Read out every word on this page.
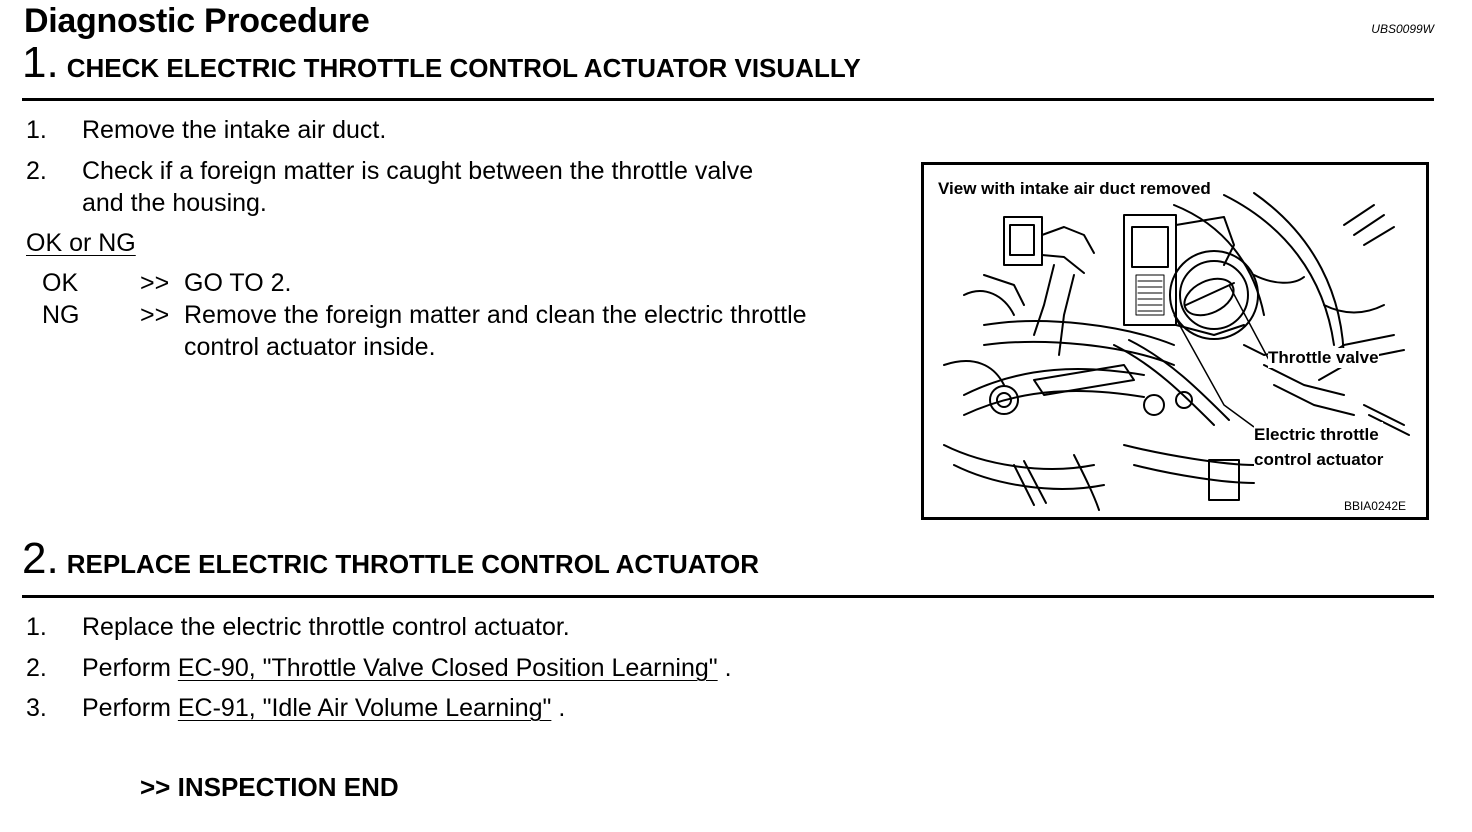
Diagnostic Procedure	UBS0099W
1. CHECK ELECTRIC THROTTLE CONTROL ACTUATOR VISUALLY
1. Remove the intake air duct.
2. Check if a foreign matter is caught between the throttle valve
and the housing.
OK or NG
OK >> GO TO 2.
NG >> Remove the foreign matter and clean the electric throttle
control actuator inside.
View with intake air duct removed
Throttle valve
Electric throttle
control actuator
BBIA0242E
2. REPLACE ELECTRIC THROTTLE CONTROL ACTUATOR
1. Replace the electric throttle control actuator.
2. Perform EC-90, "Throttle Valve Closed Position Learning" .
3. Perform EC-91, "Idle Air Volume Learning" .
>> INSPECTION END
